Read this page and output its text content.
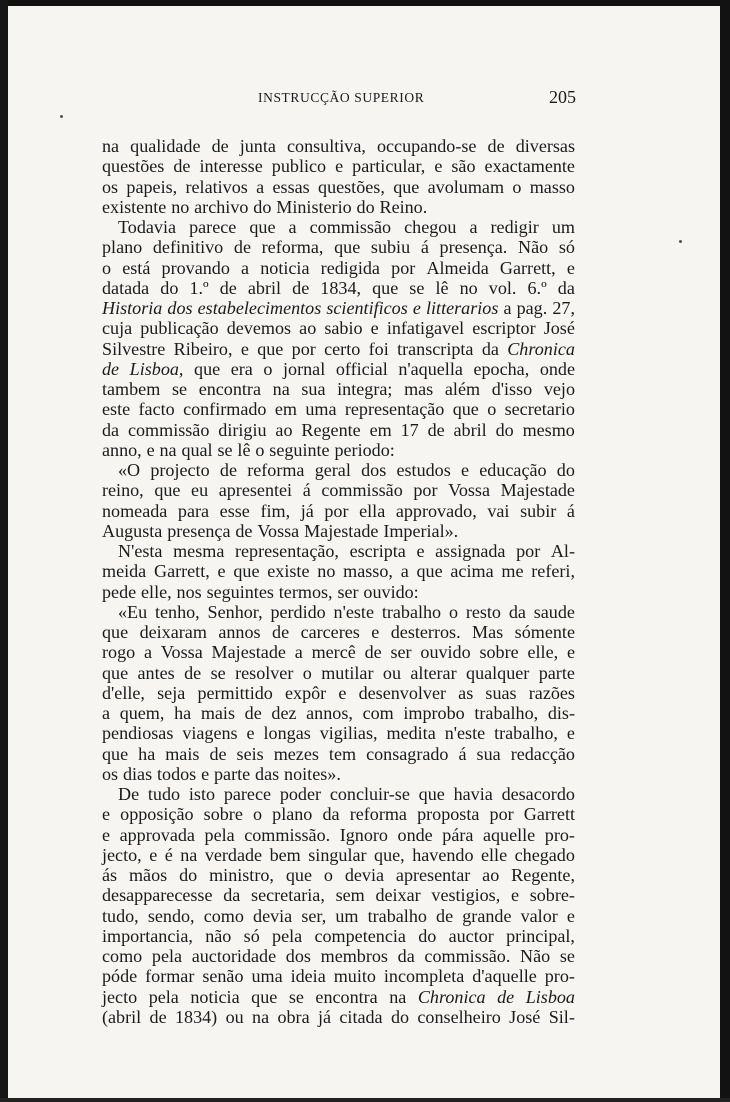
INSTRUCÇÃO SUPERIOR	205
na qualidade de junta consultiva, occupando-se de diversas
questões de interesse publico e particular, e são exactamente
os papeis, relativos a essas questões, que avolumam o masso
existente no archivo do Ministerio do Reino.
Todavia parece que a commissão chegou a redigir um
plano definitivo de reforma, que subiu á presença. Não só
o está provando a noticia redigida por Almeida Garrett, e
datada do 1.º de abril de 1834, que se lê no vol. 6.º da
Historia dos estabelecimentos scientificos e litterarios a pag. 27,
cuja publicação devemos ao sabio e infatigavel escriptor José
Silvestre Ribeiro, e que por certo foi transcripta da Chronica
de Lisboa, que era o jornal official n'aquella epocha, onde
tambem se encontra na sua integra; mas além d'isso vejo
este facto confirmado em uma representação que o secretario
da commissão dirigiu ao Regente em 17 de abril do mesmo
anno, e na qual se lê o seguinte periodo:
«O projecto de reforma geral dos estudos e educação do
reino, que eu apresentei á commissão por Vossa Majestade
nomeada para esse fim, já por ella approvado, vai subir á
Augusta presença de Vossa Majestade Imperial».
N'esta mesma representação, escripta e assignada por Al-
meida Garrett, e que existe no masso, a que acima me referi,
pede elle, nos seguintes termos, ser ouvido:
«Eu tenho, Senhor, perdido n'este trabalho o resto da saude
que deixaram annos de carceres e desterros. Mas sómente
rogo a Vossa Majestade a mercê de ser ouvido sobre elle, e
que antes de se resolver o mutilar ou alterar qualquer parte
d'elle, seja permittido expôr e desenvolver as suas razões
a quem, ha mais de dez annos, com improbo trabalho, dis-
pendiosas viagens e longas vigilias, medita n'este trabalho, e
que ha mais de seis mezes tem consagrado á sua redacção
os dias todos e parte das noites».
De tudo isto parece poder concluir-se que havia desacordo
e opposição sobre o plano da reforma proposta por Garrett
e approvada pela commissão. Ignoro onde pára aquelle pro-
jecto, e é na verdade bem singular que, havendo elle chegado
ás mãos do ministro, que o devia apresentar ao Regente,
desapparecesse da secretaria, sem deixar vestigios, e sobre-
tudo, sendo, como devia ser, um trabalho de grande valor e
importancia, não só pela competencia do auctor principal,
como pela auctoridade dos membros da commissão. Não se
póde formar senão uma ideia muito incompleta d'aquelle pro-
jecto pela noticia que se encontra na Chronica de Lisboa
(abril de 1834) ou na obra já citada do conselheiro José Sil-
